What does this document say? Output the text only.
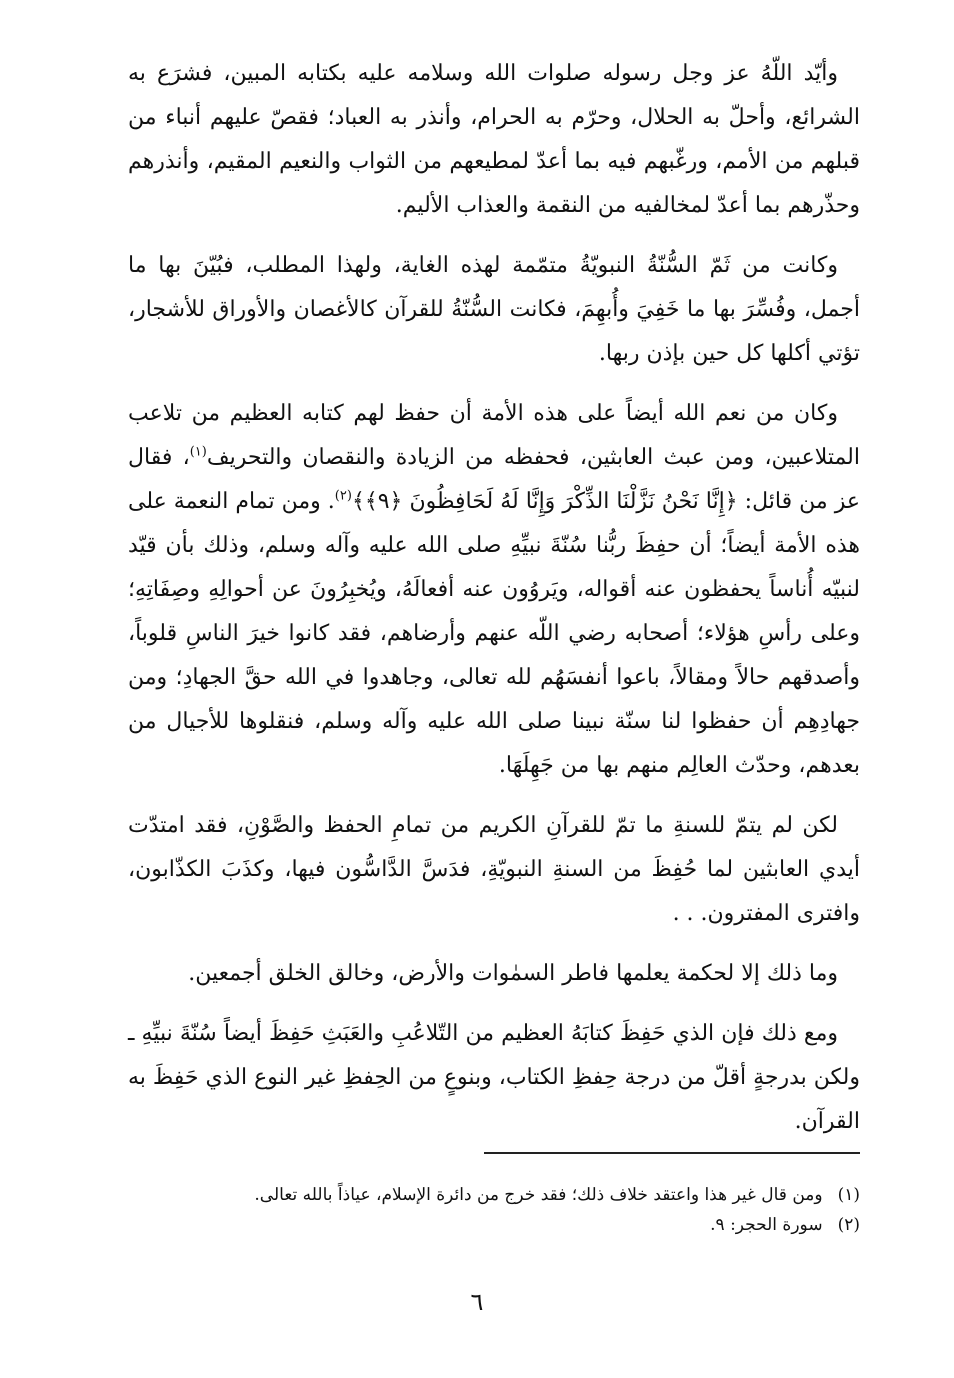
وأيّد اللّهُ عز وجل رسوله صلوات الله وسلامه عليه بكتابه المبين، فشرَع به الشرائع، وأحلّ به الحلال، وحرّم به الحرام، وأنذر به العباد؛ فقصّ عليهم أنباء من قبلهم من الأمم، ورغّبهم فيه بما أعدّ لمطيعهم من الثواب والنعيم المقيم، وأنذرهم وحذّرهم بما أعدّ لمخالفيه من النقمة والعذاب الأليم.

وكانت من ثَمّ السُّنّةُ النبويّةُ متمّمة لهذه الغاية، ولهذا المطلب، فبُيّنَ بها ما أجمل، وفُسِّرَ بها ما خَفِيَ وأُبهِمَ، فكانت السُّنّةُ للقرآن كالأغصان والأوراق للأشجار، تؤتي أكلها كل حين بإذن ربها.

وكان من نعم الله أيضاً على هذه الأمة أن حفظ لهم كتابه العظيم من تلاعب المتلاعبين، ومن عبث العابثين، فحفظه من الزيادة والنقصان والتحريف$^{(١)}$، فقال عز من قائل: ﴿إِنَّا نَحْنُ نَزَّلْنَا الذِّكْرَ وَإِنَّا لَهُ لَحَافِظُونَ ﴿٩﴾﴾$^{(٢)}$. ومن تمام النعمة على هذه الأمة أيضاً؛ أن حفِظَ ربُّنا سُنّةَ نبيِّهِ صلى الله عليه وآله وسلم، وذلك بأن قيّد لنبيّه أُناساً يحفظون عنه أقواله، ويَروُون عنه أفعالَهُ، ويُخبِرُونَ عن أحوالِهِ وصِفَاتِهِ؛ وعلى رأسِ هؤلاء؛ أصحابه رضي اللّه عنهم وأرضاهم، فقد كانوا خيرَ الناسِ قلوباً، وأصدقهم حالاً ومقالاً، باعوا أنفسَهُم لله تعالى، وجاهدوا في الله حقَّ الجهادِ؛ ومن جهادِهِم أن حفظوا لنا سنّة نبينا صلى الله عليه وآله وسلم، فنقلوها للأجيال من بعدهم، وحدّث العالِم منهم بها من جَهِلَهَا.

لكن لم يتمّ للسنةِ ما تمّ للقرآنِ الكريم من تمامِ الحفظ والصَّوْنِ، فقد امتدّت أيدي العابثين لما حُفِظَ من السنةِ النبويّةِ، فدَسَّ الدَّاسُّون فيها، وكذَبَ الكذّابون، وافترى المفترون. . .

وما ذلك إلا لحكمة يعلمها فاطر السمٰوات والأرض، وخالق الخلق أجمعين.

ومع ذلك فإن الذي حَفِظَ كتابَهُ العظيم من التّلاعُبِ والعَبَثِ حَفِظَ أيضاً سُنّةَ نبيِّهِ ـ ولكن بدرجةٍ أقلّ من درجة حِفظِ الكتاب، وبنوعٍ من الحِفظِ غير النوع الذي حَفِظَ به القرآن.

(١) ومن قال غير هذا واعتقد خلاف ذلك؛ فقد خرج من دائرة الإسلام، عياذاً بالله تعالى.

(٢) سورة الحجر: ٩.

٦
